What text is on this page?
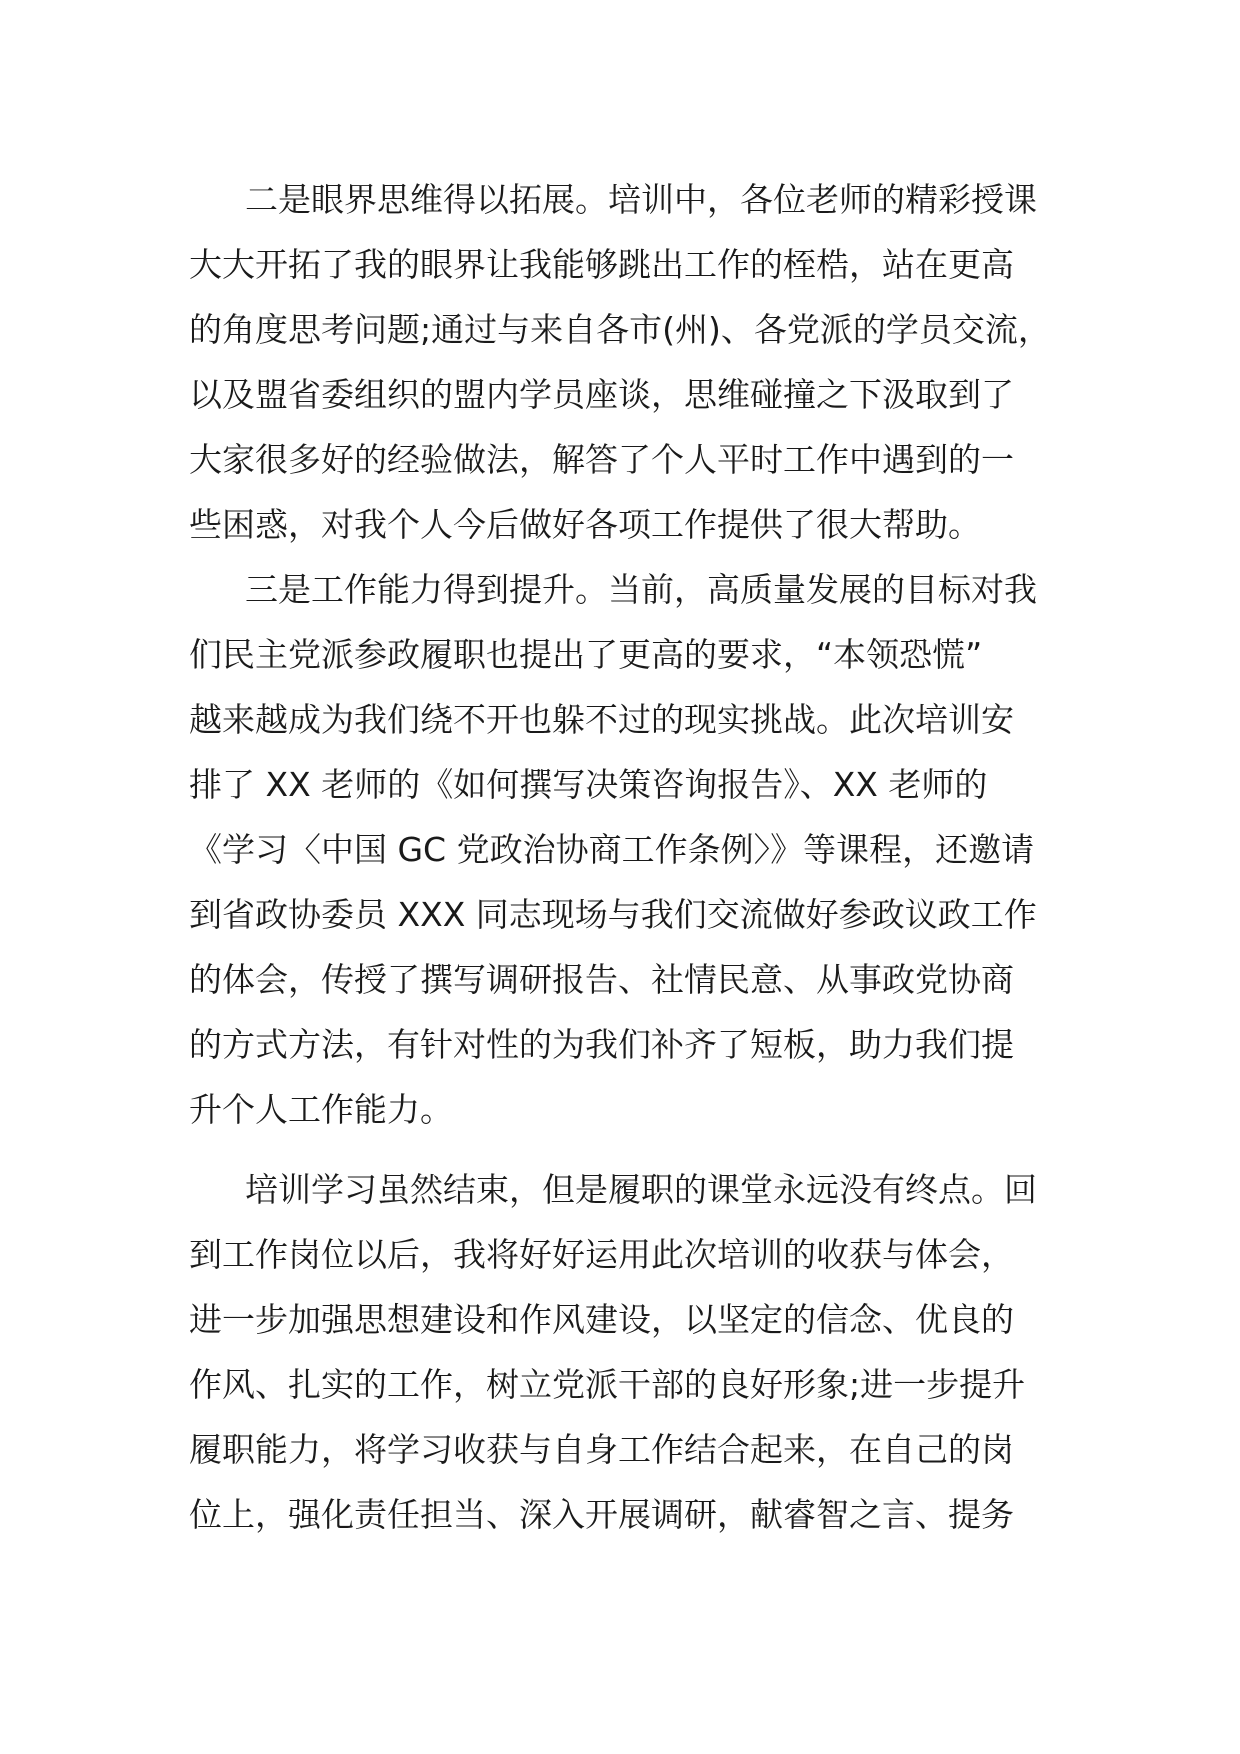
二是眼界思维得以拓展。培训中，各位老师的精彩授课
大大开拓了我的眼界让我能够跳出工作的桎梏，站在更高
的角度思考问题;通过与来自各市(州)、各党派的学员交流，
以及盟省委组织的盟内学员座谈，思维碰撞之下汲取到了
大家很多好的经验做法，解答了个人平时工作中遇到的一
些困惑，对我个人今后做好各项工作提供了很大帮助。
三是工作能力得到提升。当前，高质量发展的目标对我
们民主党派参政履职也提出了更高的要求，“本领恐慌”
越来越成为我们绕不开也躲不过的现实挑战。此次培训安
排了 XX 老师的《如何撰写决策咨询报告》、XX 老师的
《学习〈中国 GC 党政治协商工作条例〉》等课程，还邀请
到省政协委员 XXX 同志现场与我们交流做好参政议政工作
的体会，传授了撰写调研报告、社情民意、从事政党协商
的方式方法，有针对性的为我们补齐了短板，助力我们提
升个人工作能力。
培训学习虽然结束，但是履职的课堂永远没有终点。回
到工作岗位以后，我将好好运用此次培训的收获与体会，
进一步加强思想建设和作风建设，以坚定的信念、优良的
作风、扎实的工作，树立党派干部的良好形象;进一步提升
履职能力，将学习收获与自身工作结合起来，在自己的岗
位上，强化责任担当、深入开展调研，献睿智之言、提务
